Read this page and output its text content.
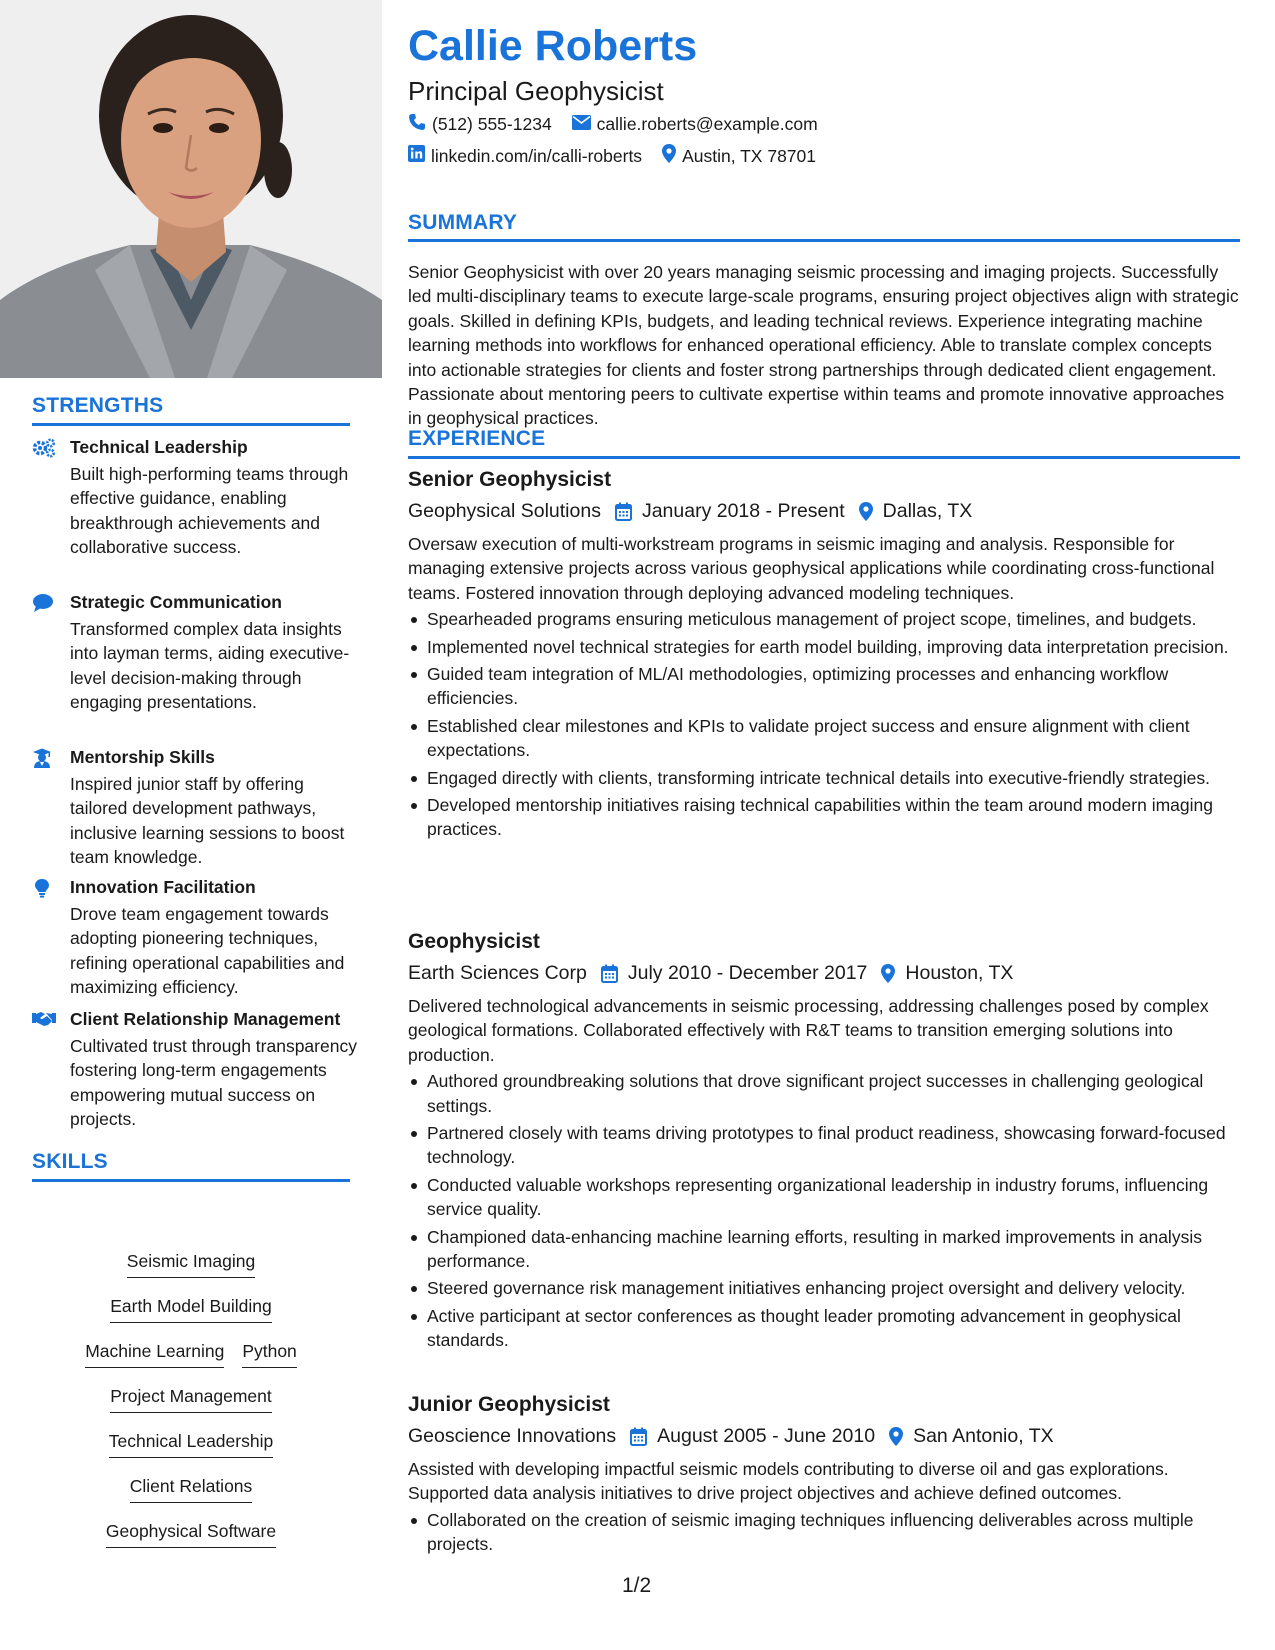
STRENGTHS
Technical Leadership
Built high-performing teams through effective guidance, enabling breakthrough achievements and collaborative success.
Strategic Communication
Transformed complex data insights into layman terms, aiding executive-level decision-making through engaging presentations.
Mentorship Skills
Inspired junior staff by offering tailored development pathways, inclusive learning sessions to boost team knowledge.
Innovation Facilitation
Drove team engagement towards adopting pioneering techniques, refining operational capabilities and maximizing efficiency.
Client Relationship Management
Cultivated trust through transparency fostering long-term engagements empowering mutual success on projects.
SKILLS
Seismic Imaging
Earth Model Building
Machine Learning Python
Project Management
Technical Leadership
Client Relations
Geophysical Software
Callie Roberts
Principal Geophysicist
(512) 555-1234	callie.roberts@example.com
linkedin.com/in/calli-roberts Austin, TX 78701
SUMMARY
Senior Geophysicist with over 20 years managing seismic processing and imaging projects. Successfully led multi-disciplinary teams to execute large-scale programs, ensuring project objectives align with strategic goals. Skilled in defining KPIs, budgets, and leading technical reviews. Experience integrating machine learning methods into workflows for enhanced operational efficiency. Able to translate complex concepts into actionable strategies for clients and foster strong partnerships through dedicated client engagement. Passionate about mentoring peers to cultivate expertise within teams and promote innovative approaches in geophysical practices.
EXPERIENCE
Senior Geophysicist
Geophysical Solutions January 2018 - Present Dallas, TX
Oversaw execution of multi-workstream programs in seismic imaging and analysis. Responsible for managing extensive projects across various geophysical applications while coordinating cross-functional teams. Fostered innovation through deploying advanced modeling techniques.
Spearheaded programs ensuring meticulous management of project scope, timelines, and budgets.
Implemented novel technical strategies for earth model building, improving data interpretation precision.
Guided team integration of ML/AI methodologies, optimizing processes and enhancing workflow efficiencies.
Established clear milestones and KPIs to validate project success and ensure alignment with client expectations.
Engaged directly with clients, transforming intricate technical details into executive-friendly strategies.
Developed mentorship initiatives raising technical capabilities within the team around modern imaging practices.
Geophysicist
Earth Sciences Corp July 2010 - December 2017 Houston, TX
Delivered technological advancements in seismic processing, addressing challenges posed by complex geological formations. Collaborated effectively with R&T teams to transition emerging solutions into production.
Authored groundbreaking solutions that drove significant project successes in challenging geological settings.
Partnered closely with teams driving prototypes to final product readiness, showcasing forward-focused technology.
Conducted valuable workshops representing organizational leadership in industry forums, influencing service quality.
Championed data-enhancing machine learning efforts, resulting in marked improvements in analysis performance.
Steered governance risk management initiatives enhancing project oversight and delivery velocity.
Active participant at sector conferences as thought leader promoting advancement in geophysical standards.
Junior Geophysicist
Geoscience Innovations August 2005 - June 2010 San Antonio, TX
Assisted with developing impactful seismic models contributing to diverse oil and gas explorations. Supported data analysis initiatives to drive project objectives and achieve defined outcomes.
Collaborated on the creation of seismic imaging techniques influencing deliverables across multiple projects.
1/2
